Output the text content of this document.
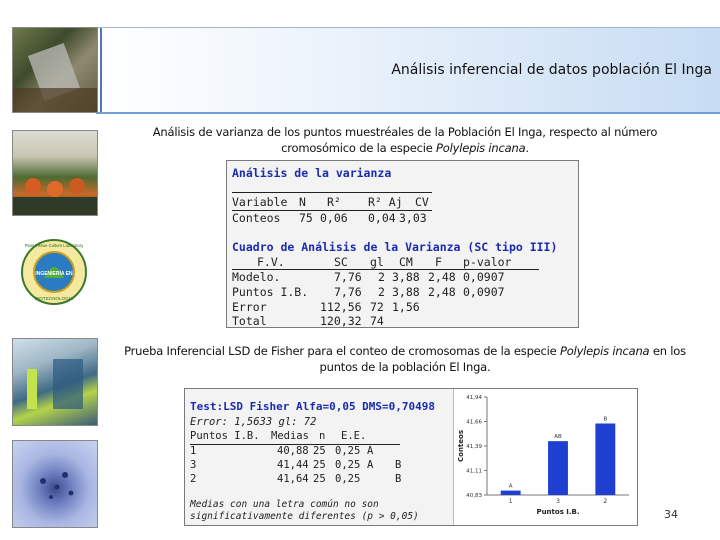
Análisis inferencial de datos población El Inga
INGENIERÍA EN
Plant Tissue Culture Laboratory
BIOTECNOLOGÍA
Análisis de varianza de los puntos muestréales de la Población El Inga, respecto al número
cromosómico de la especie Polylepis incana.
Análisis de la varianza
Variable N R² R² Aj CV
Conteos 75 0,06 0,04 3,03
Cuadro de Análisis de la Varianza (SC tipo III)
F.V.	SC gl CM F p-valor
Modelo.	7,76 2 3,88 2,48 0,0907
Puntos I.B. 7,76 2 3,88 2,48 0,0907
Error	112,56 72 1,56
Total	120,32 74
Prueba Inferencial LSD de Fisher para el conteo de cromosomas de la especie Polylepis incana en los
puntos de la población El Inga.
Test:LSD Fisher Alfa=0,05 DMS=0,70498
Error: 1,5633 gl: 72
Puntos I.B. Medias n E.E.
1	40,88 25 0,25 A
3	41,44 25 0,25 A B
2	41,64 25 0,25	B
Medias con una letra común no son
significativamente diferentes (p > 0,05)
40,83
41,11
41,39
41,66
41,94
A
1
AB
3
B
2
Puntos I.B.
Conteos
34
